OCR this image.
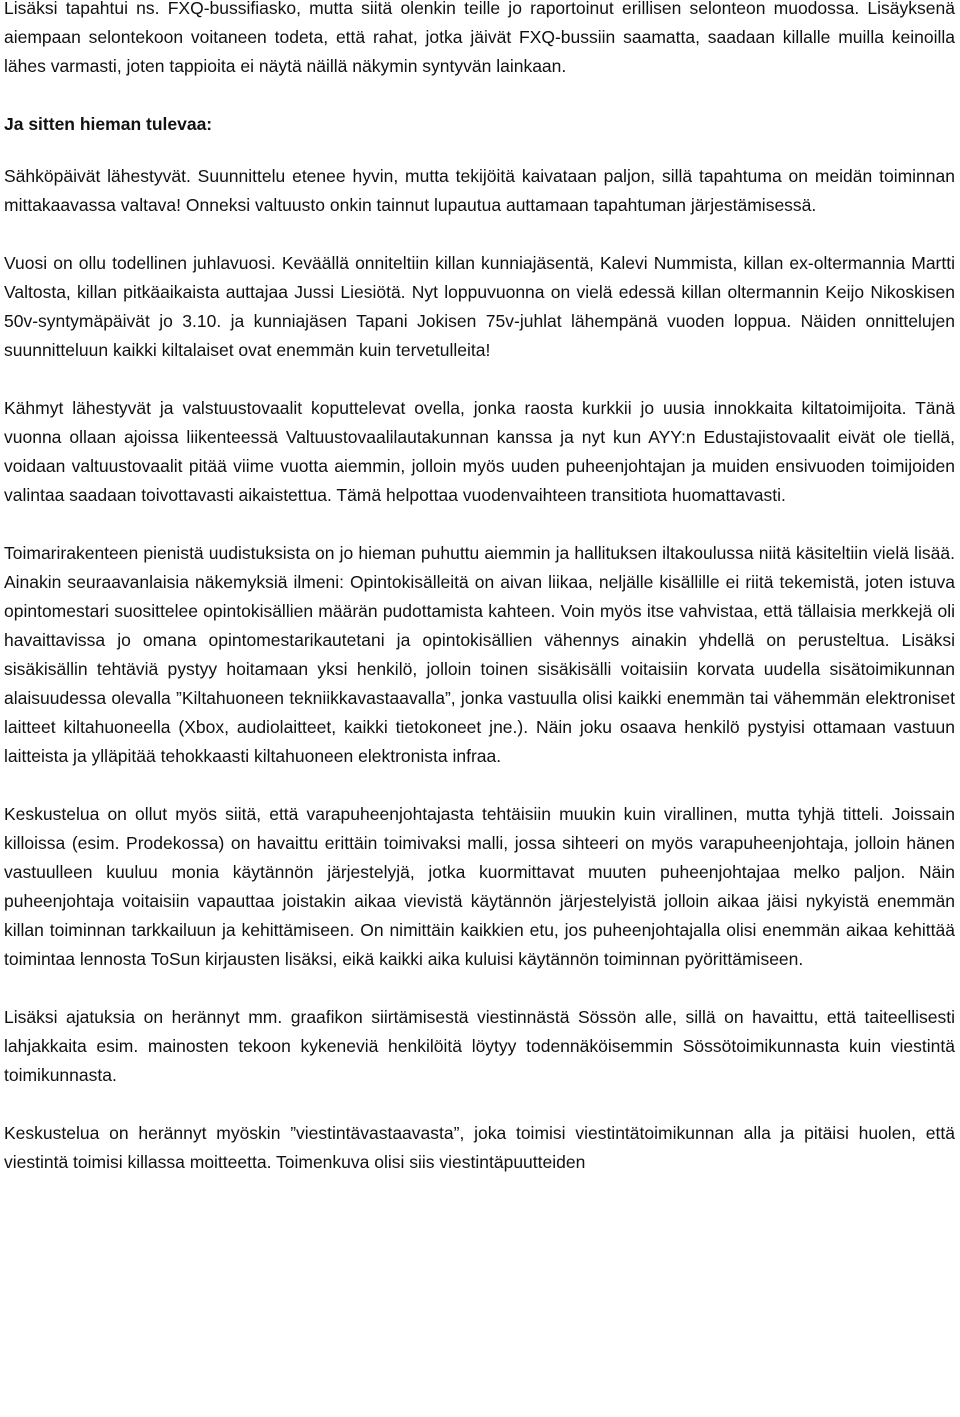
Lisäksi tapahtui ns. FXQ-bussifiasko, mutta siitä olenkin teille jo raportoinut erillisen selonteon muodossa. Lisäyksenä aiempaan selontekoon voitaneen todeta, että rahat, jotka jäivät FXQ-bussiin saamatta, saadaan killalle muilla keinoilla lähes varmasti, joten tappioita ei näytä näillä näkymin syntyvän lainkaan.

Ja sitten hieman tulevaa:

Sähköpäivät lähestyvät. Suunnittelu etenee hyvin, mutta tekijöitä kaivataan paljon, sillä tapahtuma on meidän toiminnan mittakaavassa valtava! Onneksi valtuusto onkin tainnut lupautua auttamaan tapahtuman järjestämisessä.

Vuosi on ollu todellinen juhlavuosi. Keväällä onniteltiin killan kunniajäsentä, Kalevi Nummista, killan ex-oltermannia Martti Valtosta, killan pitkäaikaista auttajaa Jussi Liesiötä. Nyt loppuvuonna on vielä edessä killan oltermannin Keijo Nikoskisen 50v-syntymäpäivät jo 3.10. ja kunniajäsen Tapani Jokisen 75v-juhlat lähempänä vuoden loppua. Näiden onnittelujen suunnitteluun kaikki kiltalaiset ovat enemmän kuin tervetulleita!

Kähmyt lähestyvät ja valstuustovaalit koputtelevat ovella, jonka raosta kurkkii jo uusia innokkaita kiltatoimijoita. Tänä vuonna ollaan ajoissa liikenteessä Valtuustovaalilautakunnan kanssa ja nyt kun AYY:n Edustajistovaalit eivät ole tiellä, voidaan valtuustovaalit pitää viime vuotta aiemmin, jolloin myös uuden puheenjohtajan ja muiden ensivuoden toimijoiden valintaa saadaan toivottavasti aikaistettua. Tämä helpottaa vuodenvaihteen transitiota huomattavasti.

Toimarirakenteen pienistä uudistuksista on jo hieman puhuttu aiemmin ja hallituksen iltakoulussa niitä käsiteltiin vielä lisää. Ainakin seuraavanlaisia näkemyksiä ilmeni: Opintokisälleitä on aivan liikaa, neljälle kisällille ei riitä tekemistä, joten istuva opintomestari suosittelee opintokisällien määrän pudottamista kahteen. Voin myös itse vahvistaa, että tällaisia merkkejä oli havaittavissa jo omana opintomestarikautetani ja opintokisällien vähennys ainakin yhdellä on perusteltua. Lisäksi sisäkisällin tehtäviä pystyy hoitamaan yksi henkilö, jolloin toinen sisäkisälli voitaisiin korvata uudella sisätoimikunnan alaisuudessa olevalla ”Kiltahuoneen tekniikkavastaavalla”, jonka vastuulla olisi kaikki enemmän tai vähemmän elektroniset laitteet kiltahuoneella (Xbox, audiolaitteet, kaikki tietokoneet jne.). Näin joku osaava henkilö pystyisi ottamaan vastuun laitteista ja ylläpitää tehokkaasti kiltahuoneen elektronista infraa.

Keskustelua on ollut myös siitä, että varapuheenjohtajasta tehtäisiin muukin kuin virallinen, mutta tyhjä titteli. Joissain killoissa (esim. Prodekossa) on havaittu erittäin toimivaksi malli, jossa sihteeri on myös varapuheenjohtaja, jolloin hänen vastuulleen kuuluu monia käytännön järjestelyjä, jotka kuormittavat muuten puheenjohtajaa melko paljon. Näin puheenjohtaja voitaisiin vapauttaa joistakin aikaa vievistä käytännön järjestelyistä jolloin aikaa jäisi nykyistä enemmän killan toiminnan tarkkailuun ja kehittämiseen. On nimittäin kaikkien etu, jos puheenjohtajalla olisi enemmän aikaa kehittää toimintaa lennosta ToSun kirjausten lisäksi, eikä kaikki aika kuluisi käytännön toiminnan pyörittämiseen.

Lisäksi ajatuksia on herännyt mm. graafikon siirtämisestä viestinnästä Sössön alle, sillä on havaittu, että taiteellisesti lahjakkaita esim. mainosten tekoon kykeneviä henkilöitä löytyy todennäköisemmin Sössötoimikunnasta kuin viestintä toimikunnasta.

Keskustelua on herännyt myöskin ”viestintävastaavasta”, joka toimisi viestintätoimikunnan alla ja pitäisi huolen, että viestintä toimisi killassa moitteetta. Toimenkuva olisi siis viestintäpuutteiden
